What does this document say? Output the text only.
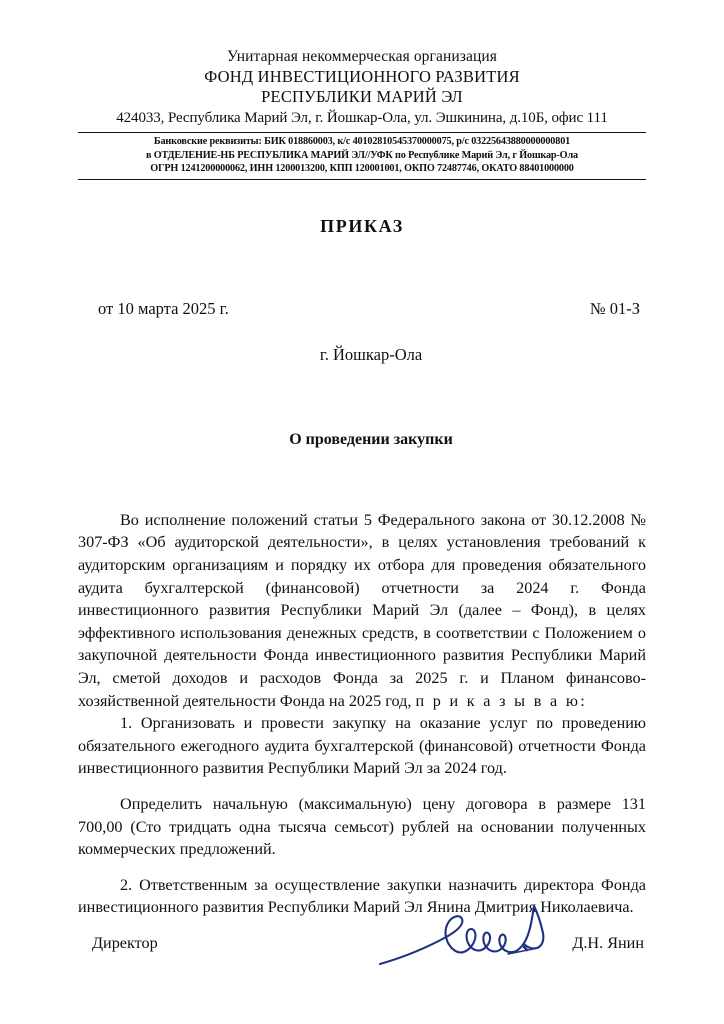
Унитарная некоммерческая организация
ФОНД ИНВЕСТИЦИОННОГО РАЗВИТИЯ
РЕСПУБЛИКИ МАРИЙ ЭЛ
424033, Республика Марий Эл, г. Йошкар-Ола, ул. Эшкинина, д.10Б, офис 111
Банковские реквизиты: БИК 018860003, к/с 40102810545370000075, р/с 03225643880000000801
в ОТДЕЛЕНИЕ-НБ РЕСПУБЛИКА МАРИЙ ЭЛ//УФК по Республике Марий Эл, г Йошкар-Ола
ОГРН 1241200000062, ИНН 1200013200, КПП 120001001, ОКПО 72487746, ОКАТО 88401000000
ПРИКАЗ
от 10 марта 2025 г.	№ 01-З
г. Йошкар-Ола
О проведении закупки

Во исполнение положений статьи 5 Федерального закона от 30.12.2008 № 307-ФЗ «Об аудиторской деятельности», в целях установления требований к аудиторским организациям и порядку их отбора для проведения обязательного аудита бухгалтерской (финансовой) отчетности за 2024 г. Фонда инвестиционного развития Республики Марий Эл (далее – Фонд), в целях эффективного использования денежных средств, в соответствии с Положением о закупочной деятельности Фонда инвестиционного развития Республики Марий Эл, сметой доходов и расходов Фонда за 2025 г. и Планом финансово-хозяйственной деятельности Фонда на 2025 год, п р и к а з ы в а ю:

1. Организовать и провести закупку на оказание услуг по проведению обязательного ежегодного аудита бухгалтерской (финансовой) отчетности Фонда инвестиционного развития Республики Марий Эл за 2024 год.

Определить начальную (максимальную) цену договора в размере 131 700,00 (Сто тридцать одна тысяча семьсот) рублей на основании полученных коммерческих предложений.

2. Ответственным за осуществление закупки назначить директора Фонда инвестиционного развития Республики Марий Эл Янина Дмитрия Николаевича.

Директор	Д.Н. Янин
